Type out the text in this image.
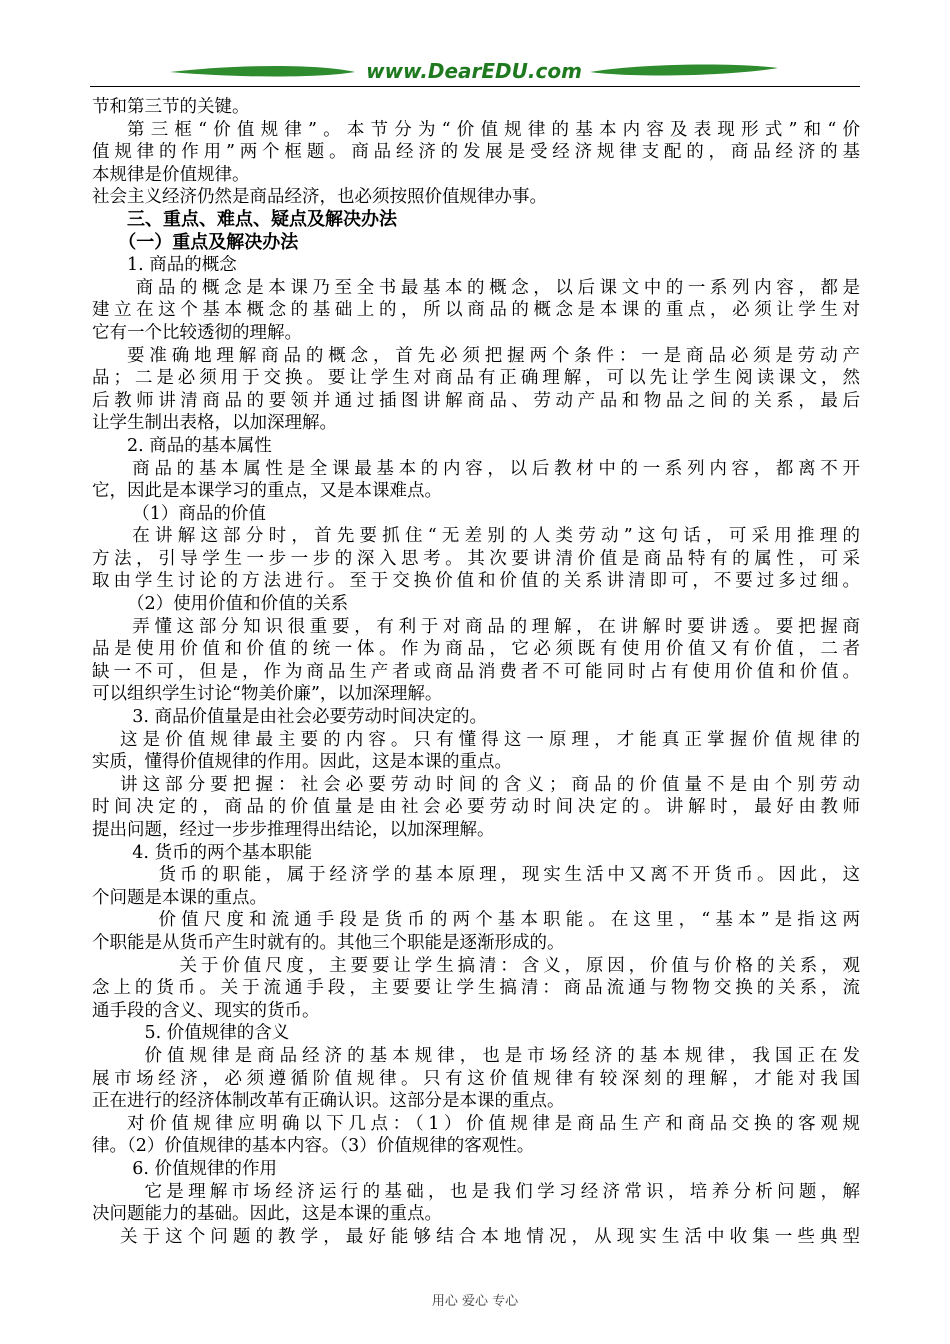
www.DearEDU.com
节和第三节的关键。
第三框“价值规律”。本节分为“价值规律的基本内容及表现形式”和“价
值规律的作用”两个框题。商品经济的发展是受经济规律支配的，商品经济的基
本规律是价值规律。
社会主义经济仍然是商品经济，也必须按照价值规律办事。
三、重点、难点、疑点及解决办法
（一）重点及解决办法
1. 商品的概念
商品的概念是本课乃至全书最基本的概念，以后课文中的一系列内容，都是
建立在这个基本概念的基础上的，所以商品的概念是本课的重点，必须让学生对
它有一个比较透彻的理解。
要准确地理解商品的概念，首先必须把握两个条件：一是商品必须是劳动产
品；二是必须用于交换。要让学生对商品有正确理解，可以先让学生阅读课文，然
后教师讲清商品的要领并通过插图讲解商品、劳动产品和物品之间的关系，最后
让学生制出表格，以加深理解。
2. 商品的基本属性
商品的基本属性是全课最基本的内容，以后教材中的一系列内容，都离不开
它，因此是本课学习的重点，又是本课难点。
（1）商品的价值
在讲解这部分时，首先要抓住“无差别的人类劳动”这句话，可采用推理的
方法，引导学生一步一步的深入思考。其次要讲清价值是商品特有的属性，可采
取由学生讨论的方法进行。至于交换价值和价值的关系讲清即可，不要过多过细。
（2）使用价值和价值的关系
弄懂这部分知识很重要，有利于对商品的理解，在讲解时要讲透。要把握商
品是使用价值和价值的统一体。作为商品，它必须既有使用价值又有价值，二者
缺一不可，但是，作为商品生产者或商品消费者不可能同时占有使用价值和价值。
可以组织学生讨论“物美价廉”，以加深理解。
3. 商品价值量是由社会必要劳动时间决定的。
这是价值规律最主要的内容。只有懂得这一原理，才能真正掌握价值规律的
实质，懂得价值规律的作用。因此，这是本课的重点。
讲这部分要把握：社会必要劳动时间的含义；商品的价值量不是由个别劳动
时间决定的，商品的价值量是由社会必要劳动时间决定的。讲解时，最好由教师
提出问题，经过一步步推理得出结论，以加深理解。
4. 货币的两个基本职能
货币的职能，属于经济学的基本原理，现实生活中又离不开货币。因此，这
个问题是本课的重点。
价值尺度和流通手段是货币的两个基本职能。在这里，“基本”是指这两
个职能是从货币产生时就有的。其他三个职能是逐渐形成的。
关于价值尺度，主要要让学生搞清：含义，原因，价值与价格的关系，观
念上的货币。关于流通手段，主要要让学生搞清：商品流通与物物交换的关系，流
通手段的含义、现实的货币。
5. 价值规律的含义
价值规律是商品经济的基本规律，也是市场经济的基本规律，我国正在发
展市场经济，必须遵循阶值规律。只有这价值规律有较深刻的理解，才能对我国
正在进行的经济体制改革有正确认识。这部分是本课的重点。
对价值规律应明确以下几点：（1）价值规律是商品生产和商品交换的客观规
律。（2）价值规律的基本内容。（3）价值规律的客观性。
6. 价值规律的作用
它是理解市场经济运行的基础，也是我们学习经济常识，培养分析问题，解
决问题能力的基础。因此，这是本课的重点。
关于这个问题的教学，最好能够结合本地情况，从现实生活中收集一些典型
用心 爱心 专心
